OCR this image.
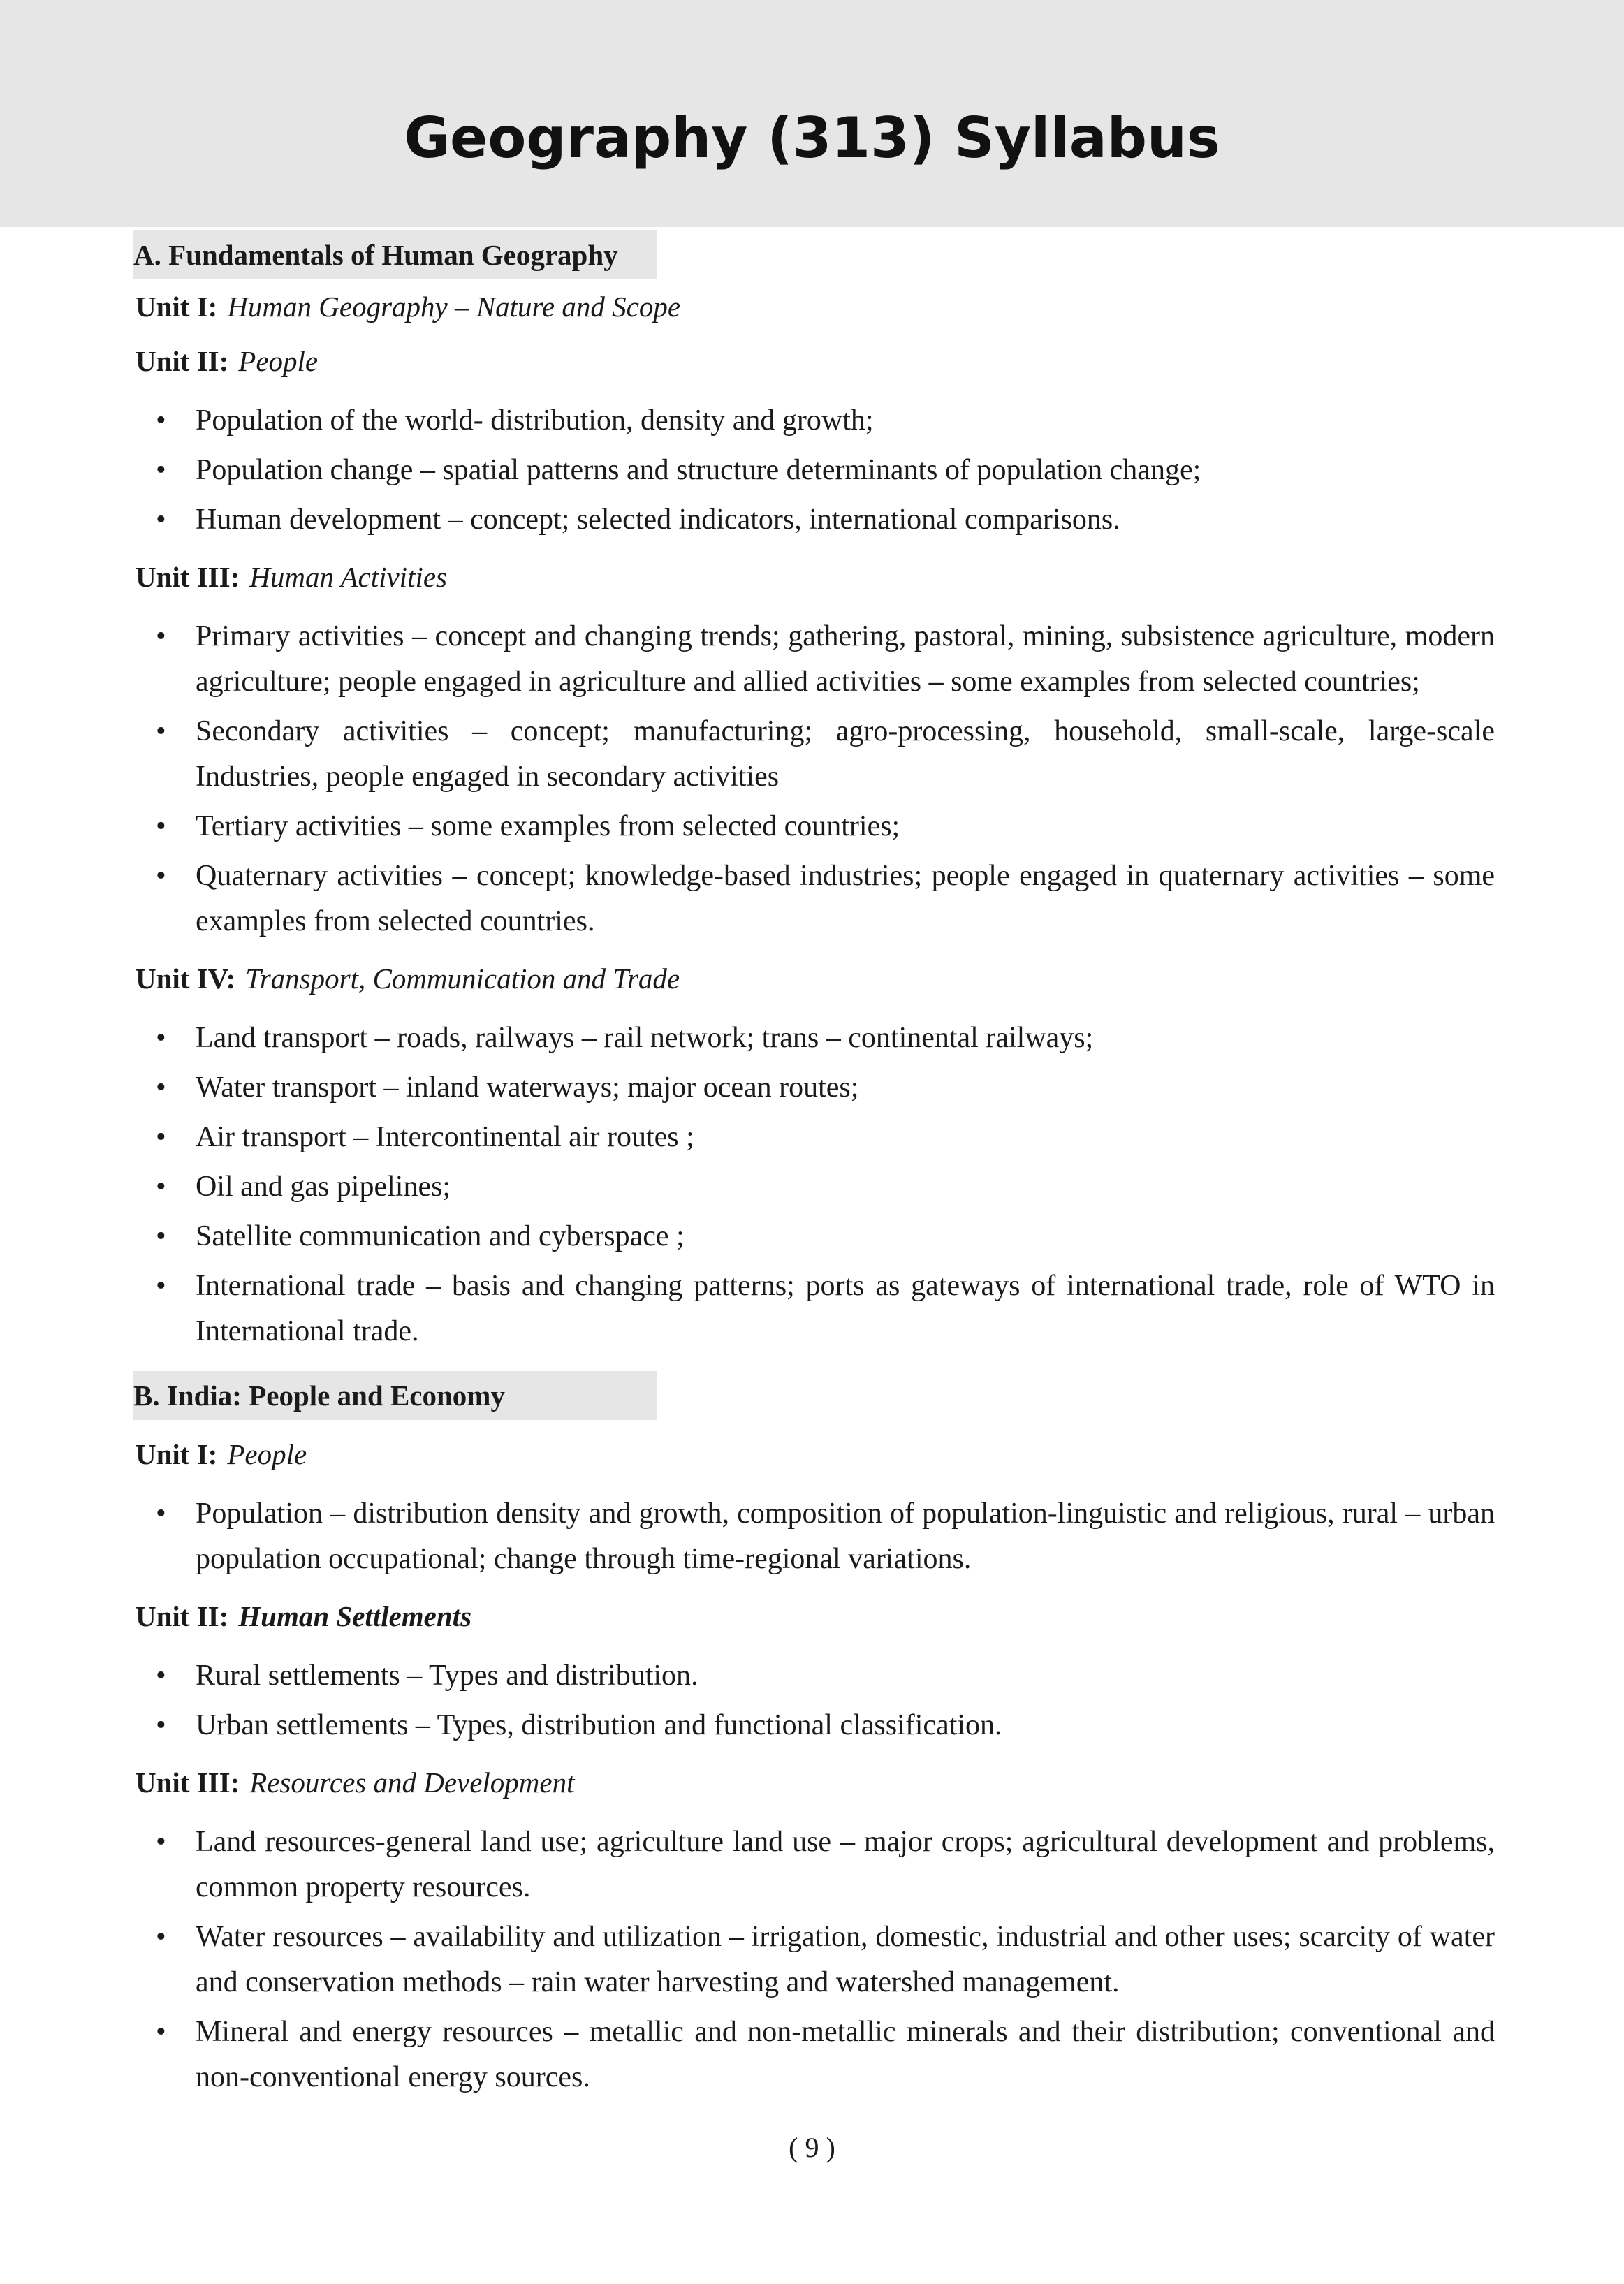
Geography (313) Syllabus
A. Fundamentals of Human Geography
Unit I: Human Geography – Nature and Scope
Unit II: People
• Population of the world- distribution, density and growth;
• Population change – spatial patterns and structure determinants of population change;
• Human development – concept; selected indicators, international comparisons.
Unit III: Human Activities
• Primary activities – concept and changing trends; gathering, pastoral, mining, subsistence agriculture, modern agriculture; people engaged in agriculture and allied activities – some examples from selected countries;
• Secondary activities – concept; manufacturing; agro-processing, household, small-scale, large-scale Industries, people engaged in secondary activities
• Tertiary activities – some examples from selected countries;
• Quaternary activities – concept; knowledge-based industries; people engaged in quaternary activities – some examples from selected countries.
Unit IV: Transport, Communication and Trade
• Land transport – roads, railways – rail network; trans – continental railways;
• Water transport – inland waterways; major ocean routes;
• Air transport – Intercontinental air routes ;
• Oil and gas pipelines;
• Satellite communication and cyberspace ;
• International trade – basis and changing patterns; ports as gateways of international trade, role of WTO in International trade.
B. India: People and Economy
Unit I: People
• Population – distribution density and growth, composition of population-linguistic and religious, rural – urban population occupational; change through time-regional variations.
Unit II: Human Settlements
• Rural settlements – Types and distribution.
• Urban settlements – Types, distribution and functional classification.
Unit III: Resources and Development
• Land resources-general land use; agriculture land use – major crops; agricultural development and problems, common property resources.
• Water resources – availability and utilization – irrigation, domestic, industrial and other uses; scarcity of water and conservation methods – rain water harvesting and watershed management.
• Mineral and energy resources – metallic and non-metallic minerals and their distribution; conventional and non-conventional energy sources.
( 9 )
